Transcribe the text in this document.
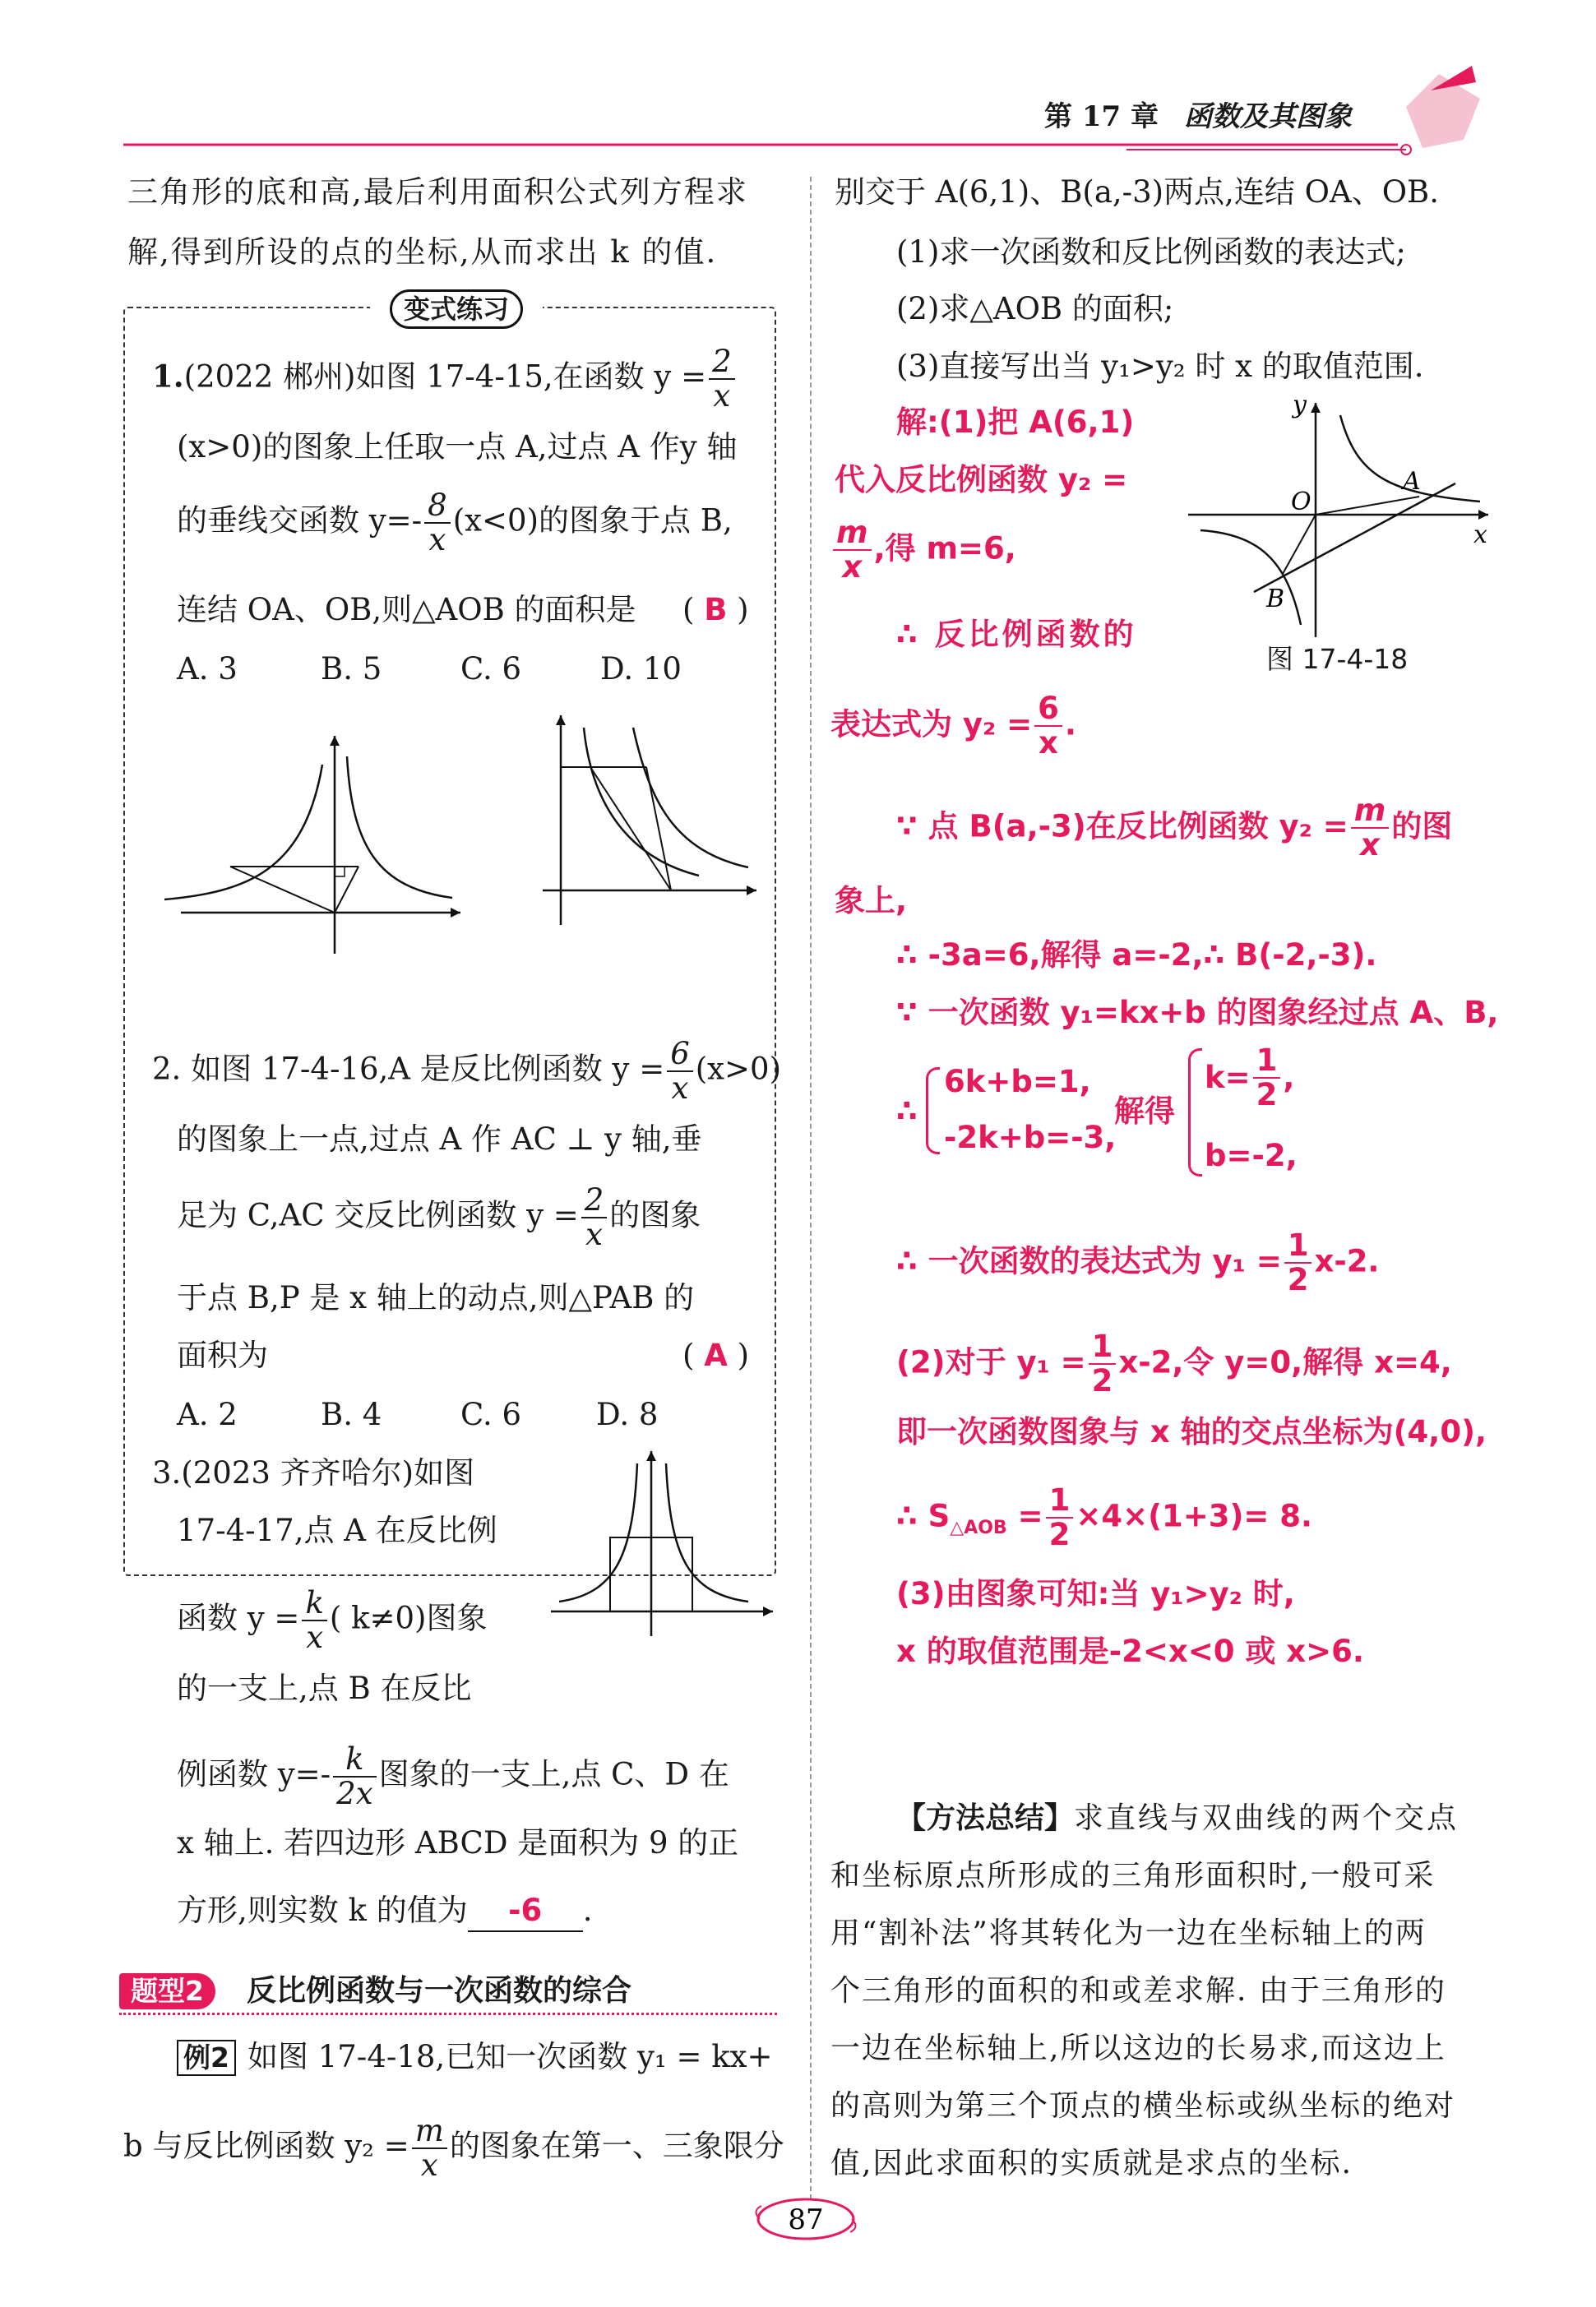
第 17 章 函数及其图象
三角形的底和高,最后利用面积公式列方程求
解,得到所设的点的坐标,从而求出 k 的值.
变式练习
1.(2022 郴州)如图 17-4-15,在函数 $y = \frac{2}{x}$
(x>0)的图象上任取一点 A,过点 A 作y 轴
的垂线交函数 $y=- \frac{8}{x} (x<0)$的图象于点 B,
连结 OA、OB,则△AOB 的面积是 ( B )
A. 3	B. 5	C. 6	D. 10
2. 如图 17-4-16,A 是反比例函数 $y = \frac{6}{x} (x>0)$
的图象上一点,过点 A 作 AC ⊥ y 轴,垂
足为 C,AC 交反比例函数 $y = \frac{2}{x}$ 的图象
于点 B,P 是 x 轴上的动点,则△PAB 的
面积为	( A )
A. 2	B. 4	C. 6 D. 8
3.(2023 齐齐哈尔)如图
17-4-17,点 A 在反比例
函数 $y = \frac{k}{x}$ ( k≠0)图象
的一支上,点 B 在反比
例函数 $y=- \frac{k}{2x}$ 图象的一支上,点 C、D 在
x 轴上. 若四边形 ABCD 是面积为 9 的正
方形,则实数 k 的值为 -6 .
题型2	反比例函数与一次函数的综合
例2 如图 17-4-18,已知一次函数 y₁ = kx+
b 与反比例函数 $y_2 = \frac{m}{x}$ 的图象在第一、三象限分
别交于 A(6,1)、B(a,-3)两点,连结 OA、OB.
(1)求一次函数和反比例函数的表达式;
(2)求△AOB 的面积;
(3)直接写出当 y₁>y₂ 时 x 的取值范围.
解:(1)把 A(6,1)
代入反比例函数 y₂ =
$\frac{m}{x}$ ,得 m=6,
∴ 反比例函数的
表达式为 $y_2 = \frac{6}{x}$ .
y
O
A
B
x
图 17-4-18
∵ 点 B(a,-3)在反比例函数 $y_2 = \frac{m}{x}$ 的图
象上,
∴ -3a=6,解得 a=-2,∴ B(-2,-3).
∵ 一次函数 y₁=kx+b 的图象经过点 A、B,
∴
6k+b=1,
-2k+b=-3,
解得
$k= \frac{1}{2}$ ,
b=-2,
∴ 一次函数的表达式为 $y_1 = \frac{1}{2} x-2$.
(2)对于 $y_1 = \frac{1}{2} x-2$,令 y=0,解得 x=4,
即一次函数图象与 x 轴的交点坐标为(4,0),
∴ $S_{\triangle AOB} = \frac{1}{2} \times 4\times(1+3)= 8$.
(3)由图象可知:当 y₁>y₂ 时,
x 的取值范围是-2<x<0 或 x>6.
【方法总结】求直线与双曲线的两个交点
和坐标原点所形成的三角形面积时,一般可采
用“割补法”将其转化为一边在坐标轴上的两
个三角形的面积的和或差求解. 由于三角形的
一边在坐标轴上,所以这边的长易求,而这边上
的高则为第三个顶点的横坐标或纵坐标的绝对
值,因此求面积的实质就是求点的坐标.
87
